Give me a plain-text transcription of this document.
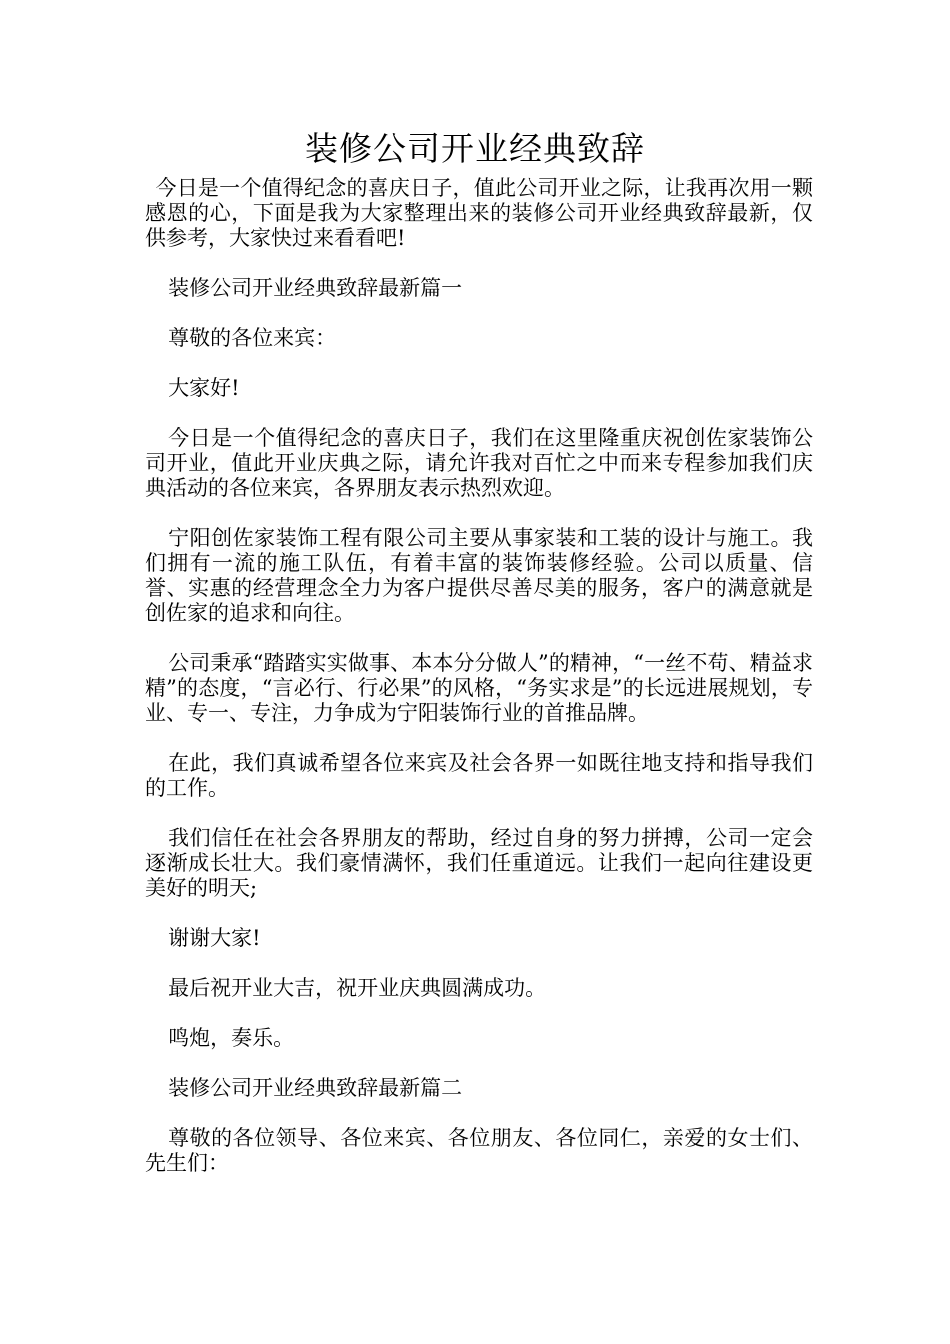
装修公司开业经典致辞

今日是一个值得纪念的喜庆日子，值此公司开业之际，让我再次用一颗感恩的心，下面是我为大家整理出来的装修公司开业经典致辞最新，仅供参考，大家快过来看看吧!

装修公司开业经典致辞最新篇一

尊敬的各位来宾：

大家好!

今日是一个值得纪念的喜庆日子，我们在这里隆重庆祝创佐家装饰公司开业，值此开业庆典之际，请允许我对百忙之中而来专程参加我们庆典活动的各位来宾，各界朋友表示热烈欢迎。

宁阳创佐家装饰工程有限公司主要从事家装和工装的设计与施工。我们拥有一流的施工队伍，有着丰富的装饰装修经验。公司以质量、信誉、实惠的经营理念全力为客户提供尽善尽美的服务，客户的满意就是创佐家的追求和向往。

公司秉承“踏踏实实做事、本本分分做人”的精神，“一丝不苟、精益求精”的态度，“言必行、行必果”的风格，“务实求是”的长远进展规划，专业、专一、专注，力争成为宁阳装饰行业的首推品牌。

在此，我们真诚希望各位来宾及社会各界一如既往地支持和指导我们的工作。

我们信任在社会各界朋友的帮助，经过自身的努力拼搏，公司一定会逐渐成长壮大。我们豪情满怀，我们任重道远。让我们一起向往建设更美好的明天;

谢谢大家!

最后祝开业大吉，祝开业庆典圆满成功。

鸣炮，奏乐。

装修公司开业经典致辞最新篇二

尊敬的各位领导、各位来宾、各位朋友、各位同仁，亲爱的女士们、先生们：
